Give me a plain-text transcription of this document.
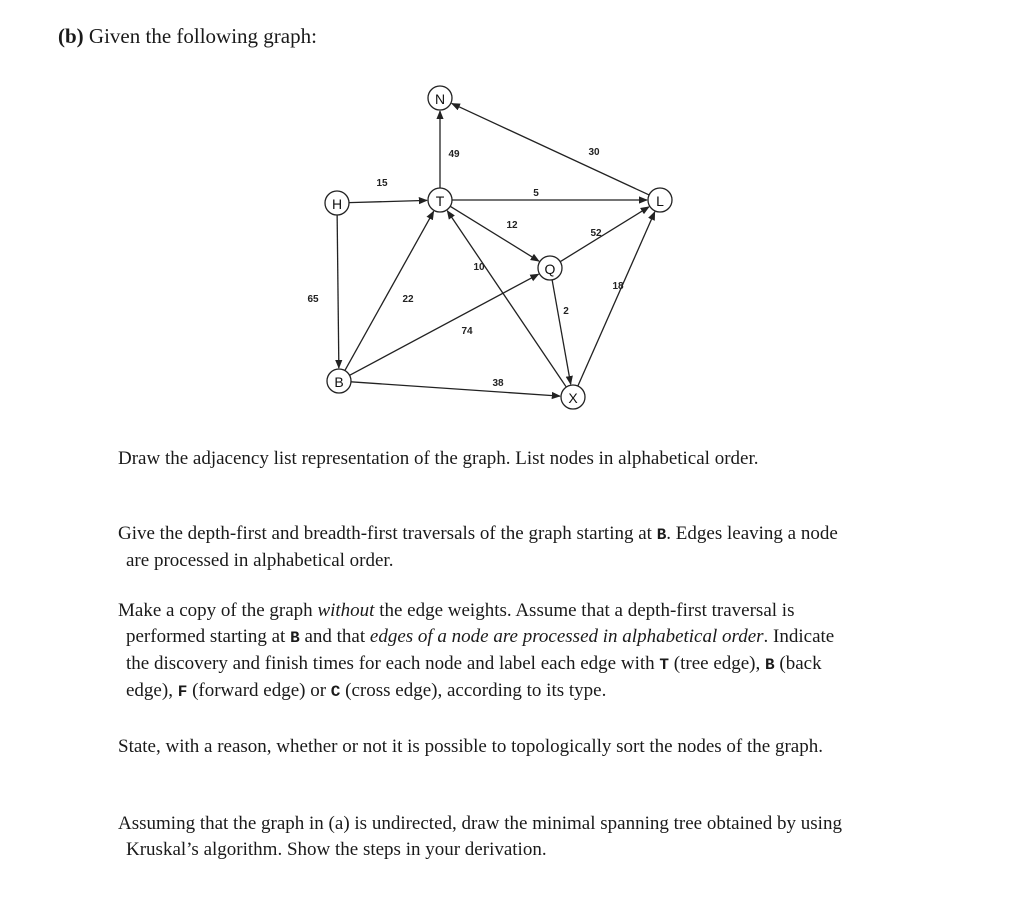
(b) Given the following graph:
49	30
15
5
12
52
65	22
10
74
2
18
38
N
H	T	L
Q
B
X

Draw the adjacency list representation of the graph. List nodes in alphabetical order.

Give the depth-first and breadth-first traversals of the graph starting at B. Edges leaving a node
are processed in alphabetical order.

Make a copy of the graph without the edge weights. Assume that a depth-first traversal is
performed starting at B and that edges of a node are processed in alphabetical order. Indicate
the discovery and finish times for each node and label each edge with T (tree edge), B (back
edge), F (forward edge) or C (cross edge), according to its type.

State, with a reason, whether or not it is possible to topologically sort the nodes of the graph.

Assuming that the graph in (a) is undirected, draw the minimal spanning tree obtained by using
Kruskal’s algorithm. Show the steps in your derivation.
